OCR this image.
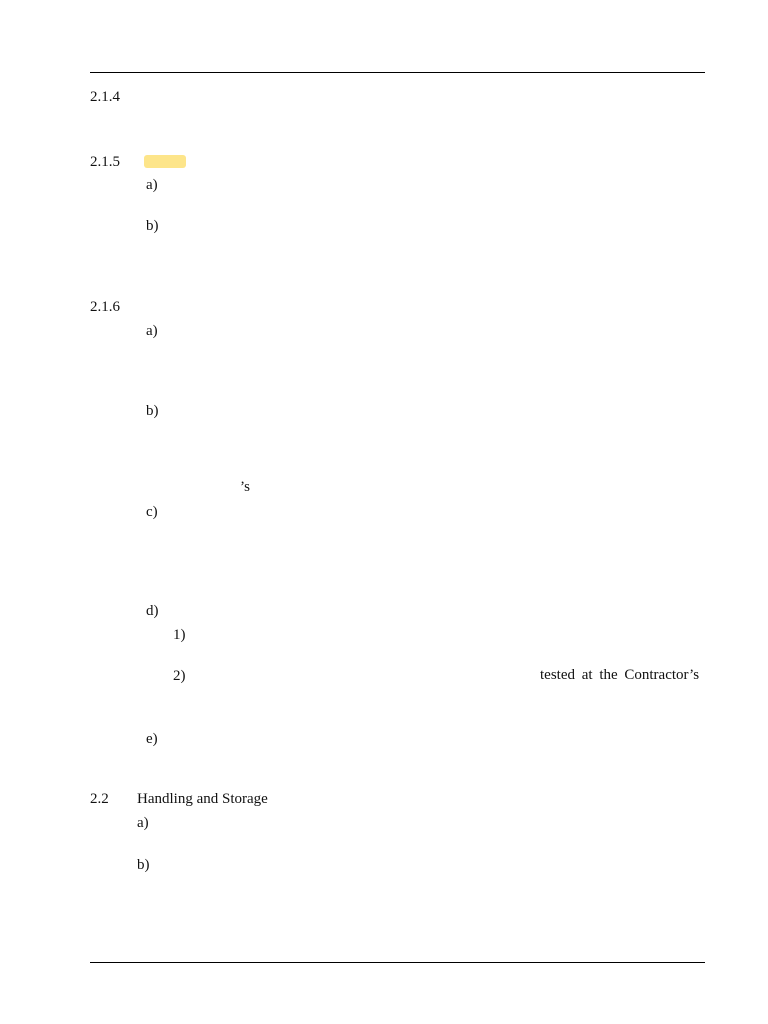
2.1.4
2.1.5
a)
b)
2.1.6
a)
b)
’s
c)
d)
1)
2)	tested at the Contractor’s
e)
2.2 Handling and Storage
a)
b)
